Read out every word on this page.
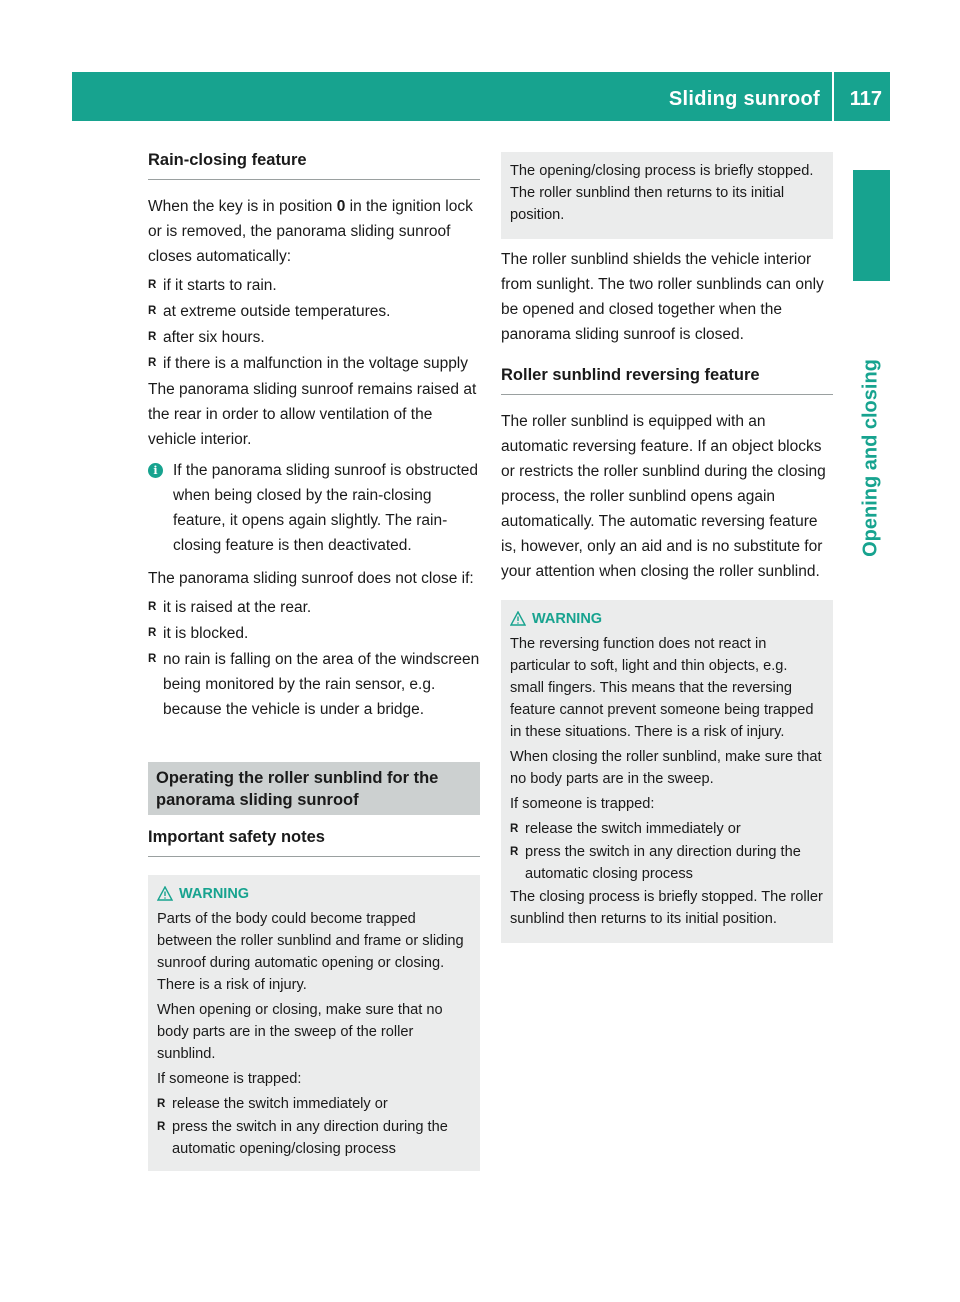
Sliding sunroof 117
Opening and closing
Rain-closing feature

When the key is in position 0 in the ignition lock or is removed, the panorama sliding sunroof closes automatically:

R if it starts to rain.
R at extreme outside temperatures.
R after six hours.
R if there is a malfunction in the voltage supply

The panorama sliding sunroof remains raised at the rear in order to allow ventilation of the vehicle interior.

i If the panorama sliding sunroof is obstructed when being closed by the rain-closing feature, it opens again slightly. The rain-closing feature is then deactivated.

The panorama sliding sunroof does not close if:

R it is raised at the rear.
R it is blocked.
R no rain is falling on the area of the windscreen being monitored by the rain sensor, e.g. because the vehicle is under a bridge.
Operating the roller sunblind for the panorama sliding sunroof
Important safety notes
WARNING

Parts of the body could become trapped between the roller sunblind and frame or sliding sunroof during automatic opening or closing. There is a risk of injury.

When opening or closing, make sure that no body parts are in the sweep of the roller sunblind.

If someone is trapped:

R release the switch immediately or
R press the switch in any direction during the automatic opening/closing process

The opening/closing process is briefly stopped. The roller sunblind then returns to its initial position.

The roller sunblind shields the vehicle interior from sunlight. The two roller sunblinds can only be opened and closed together when the panorama sliding sunroof is closed.

Roller sunblind reversing feature

The roller sunblind is equipped with an automatic reversing feature. If an object blocks or restricts the roller sunblind during the closing process, the roller sunblind opens again automatically. The automatic reversing feature is, however, only an aid and is no substitute for your attention when closing the roller sunblind.

WARNING

The reversing function does not react in particular to soft, light and thin objects, e.g. small fingers. This means that the reversing feature cannot prevent someone being trapped in these situations. There is a risk of injury.

When closing the roller sunblind, make sure that no body parts are in the sweep.

If someone is trapped:

R release the switch immediately or
R press the switch in any direction during the automatic closing process

The closing process is briefly stopped. The roller sunblind then returns to its initial position.
